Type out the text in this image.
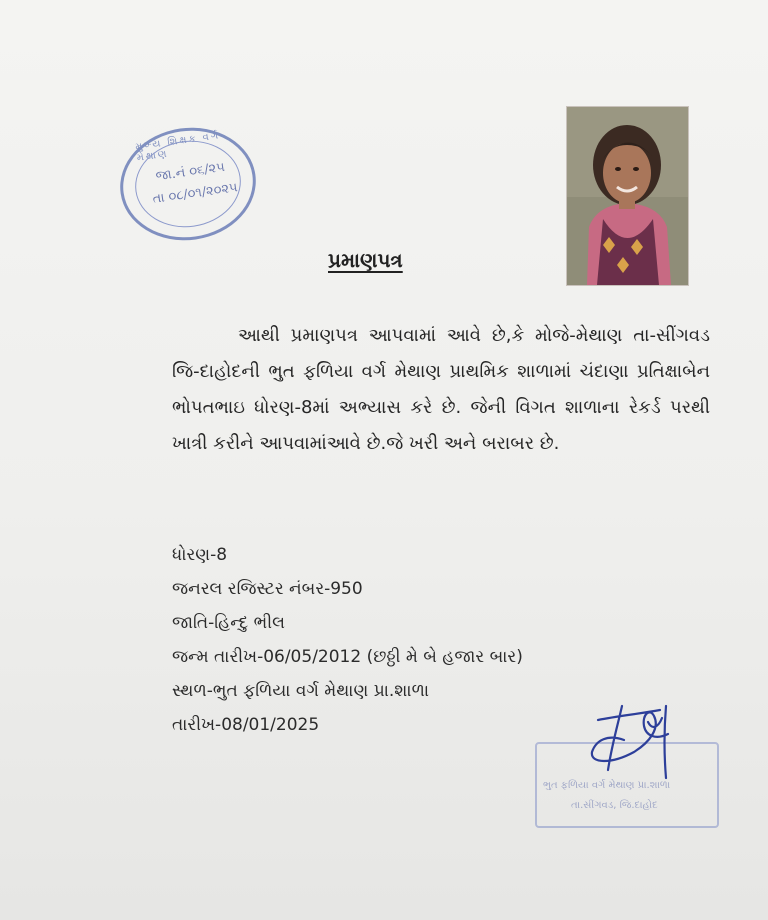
મુખ્ય શિક્ષક વર્ગ મેથાણ
જા.નં ૦૬/૨૫
તા ૦૮/૦૧/૨૦૨૫
પ્રમાણપત્ર
આથી પ્રમાણપત્ર આપવામાં આવે છે,કે મોજે-મેથાણ તા-સીંગવડ જિ-દાહોદની ભુત ફળિયા વર્ગ મેથાણ પ્રાથમિક શાળામાં ચંદાણા પ્રતિક્ષાબેન ભોપતભાઇ ધોરણ-8માં અભ્યાસ કરે છે. જેની વિગત શાળાના રેકર્ડ પરથી ખાત્રી કરીને આપવામાંઆવે છે.જે ખરી અને બરાબર છે.
ધોરણ-8
જનરલ રજિસ્ટર નંબર-950
જાતિ-હિન્દુ ભીલ
જન્મ તારીખ-06/05/2012 (છઠ્ઠી મે બે હજાર બાર)
સ્થળ-ભુત ફળિયા વર્ગ મેથાણ પ્રા.શાળા
તારીખ-08/01/2025
ભુત ફળિયા વર્ગ મેથાણ પ્રા.શાળા
તા.સીંગવડ, જિ.દાહોદ
